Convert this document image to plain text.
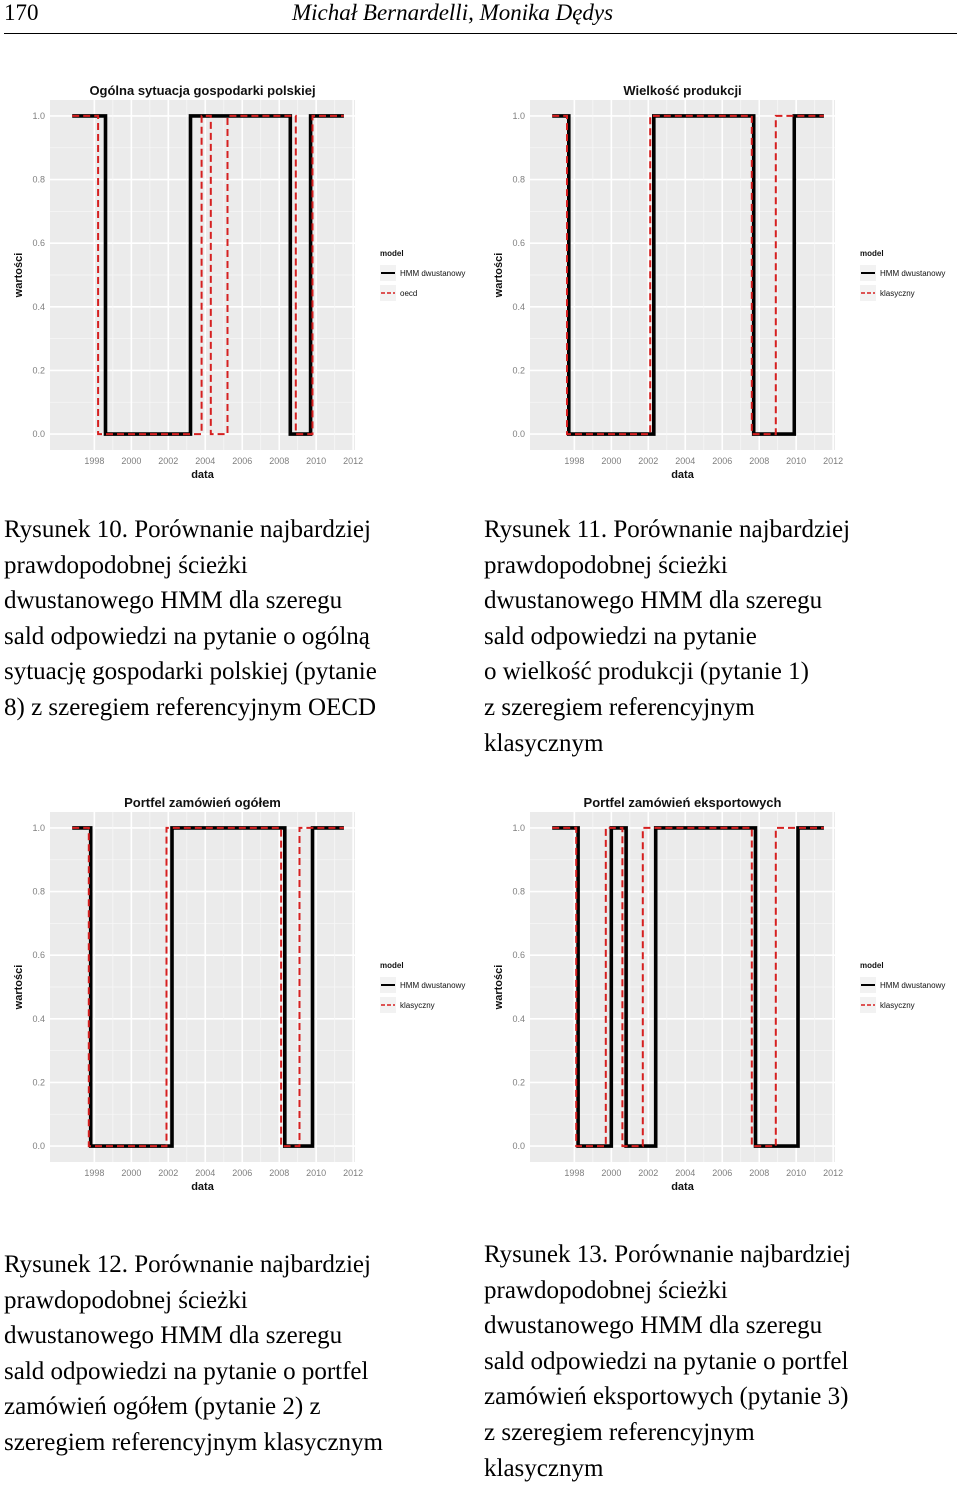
170	Michał Bernardelli, Monika Dędys
0.0
0.2
0.4
0.6
0.8
1.0
1998 2000 2002 2004 2006 2008 2010 2012
Ogólna sytuacja gospodarki polskiej
data
wartości	model
HMM dwustanowy
oecd
0.0
0.2
0.4
0.6
0.8
1.0
1998 2000 2002 2004 2006 2008 2010 2012
Wielkość produkcji
data
wartości	model
HMM dwustanowy
klasyczny
0.0
0.2
0.4
0.6
0.8
1.0
1998 2000 2002 2004 2006 2008 2010 2012
Portfel zamówień ogółem
data
wartości	model
HMM dwustanowy
klasyczny
0.0
0.2
0.4
0.6
0.8
1.0
1998 2000 2002 2004 2006 2008 2010 2012
Portfel zamówień eksportowych
data
wartości	model
HMM dwustanowy
klasyczny
Rysunek 10. Porównanie najbardziej
prawdopodobnej ścieżki
dwustanowego HMM dla szeregu
sald odpowiedzi na pytanie o ogólną
sytuację gospodarki polskiej (pytanie
8) z szeregiem referencyjnym OECD
Rysunek 11. Porównanie najbardziej
prawdopodobnej ścieżki
dwustanowego HMM dla szeregu
sald odpowiedzi na pytanie
o wielkość produkcji (pytanie 1)
z szeregiem referencyjnym
klasycznym
Rysunek 12. Porównanie najbardziej
prawdopodobnej ścieżki
dwustanowego HMM dla szeregu
sald odpowiedzi na pytanie o portfel
zamówień ogółem (pytanie 2) z
szeregiem referencyjnym klasycznym
Rysunek 13. Porównanie najbardziej
prawdopodobnej ścieżki
dwustanowego HMM dla szeregu
sald odpowiedzi na pytanie o portfel
zamówień eksportowych (pytanie 3)
z szeregiem referencyjnym
klasycznym
